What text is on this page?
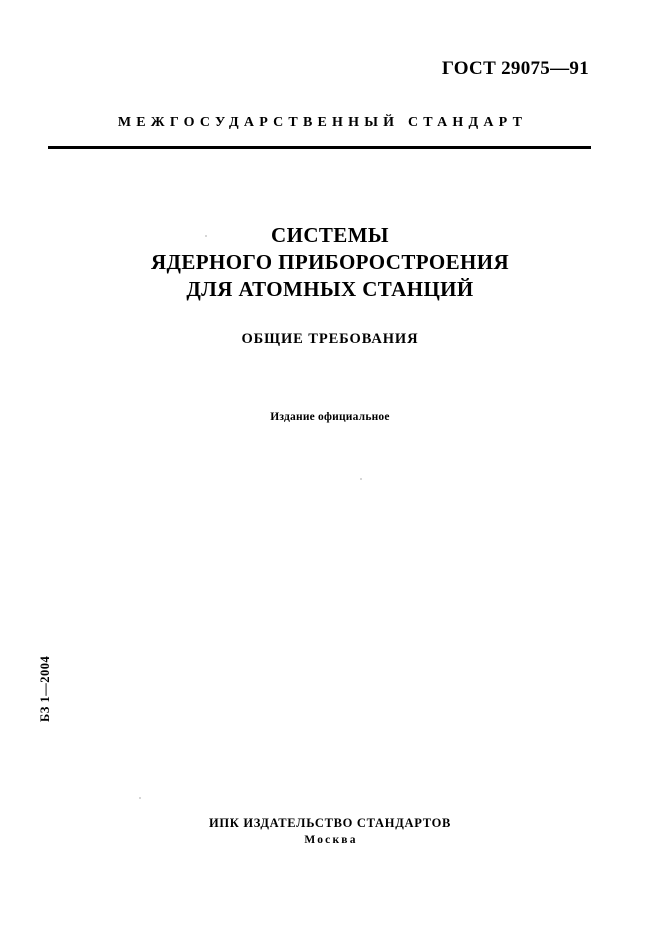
ГОСТ 29075—91
МЕЖГОСУДАРСТВЕННЫЙ СТАНДАРТ
СИСТЕМЫ
ЯДЕРНОГО ПРИБОРОСТРОЕНИЯ
ДЛЯ АТОМНЫХ СТАНЦИЙ
ОБЩИЕ ТРЕБОВАНИЯ
Издание официальное
БЗ 1—2004
ИПК ИЗДАТЕЛЬСТВО СТАНДАРТОВ
Москва
